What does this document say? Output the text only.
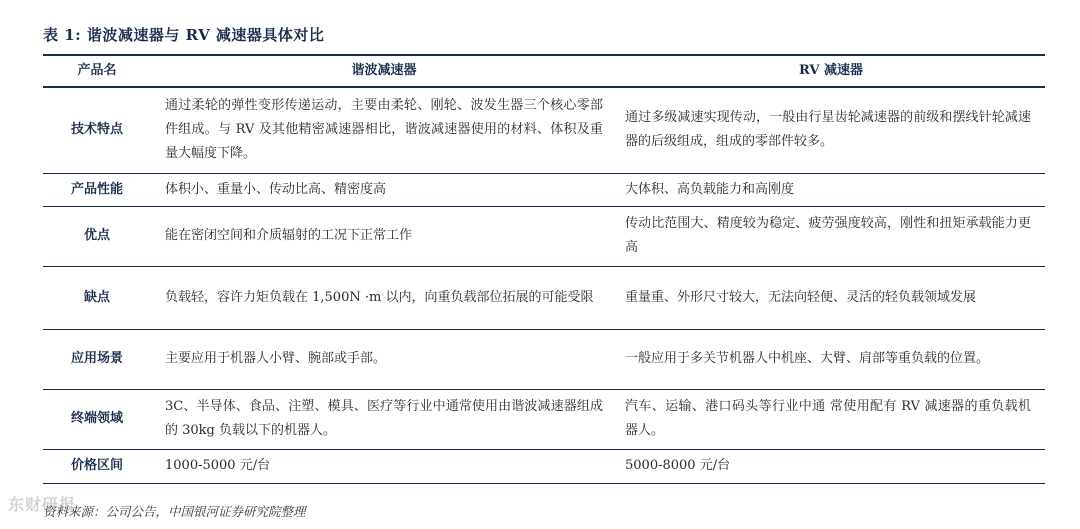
表 1: 谐波减速器与 RV 减速器具体对比
产品名	谐波减速器	RV 减速器
技术特点	通过柔轮的弹性变形传递运动，主要由柔轮、刚轮、波发生器三个核心零部件组成。与 RV 及其他精密减速器相比，谐波减速器使用的材料、体积及重量大幅度下降。	通过多级减速实现传动，一般由行星齿轮减速器的前级和摆线针轮减速器的后级组成，组成的零部件较多。
产品性能	体积小、重量小、传动比高、精密度高	大体积、高负载能力和高刚度
优点	能在密闭空间和介质辐射的工况下正常工作	传动比范围大、精度较为稳定、疲劳强度较高，刚性和扭矩承载能力更高
缺点	负载轻，容许力矩负载在 1,500N ·m 以内，向重负载部位拓展的可能受限	重量重、外形尺寸较大，无法向轻便、灵活的轻负载领域发展
应用场景	主要应用于机器人小臂、腕部或手部。	一般应用于多关节机器人中机座、大臂、肩部等重负载的位置。
终端领域	3C、半导体、食品、注塑、模具、医疗等行业中通常使用由谐波减速器组成的 30kg 负载以下的机器人。	汽车、运输、港口码头等行业中通 常使用配有 RV 减速器的重负载机器人。
价格区间	1000-5000 元/台	5000-8000 元/台
东财研报
资料来源：公司公告，中国银河证券研究院整理
